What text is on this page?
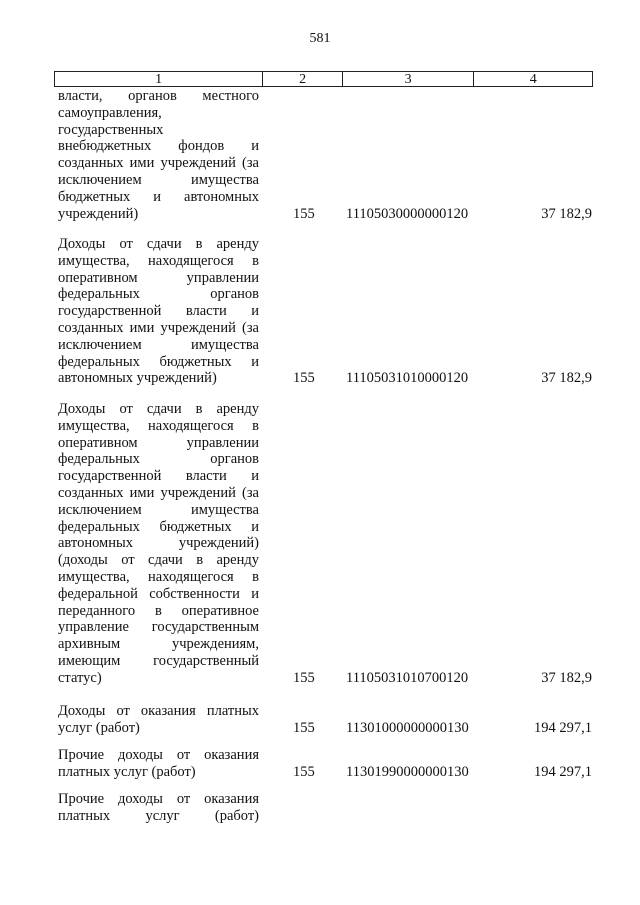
581
1	2	3	4
власти, органов местного
самоуправления,
государственных
внебюджетных фондов и
созданных ими учреждений (за
исключением имущества
бюджетных и автономных
учреждений)	155 11105030000000120	37 182,9
Доходы от сдачи в аренду
имущества, находящегося в
оперативном управлении
федеральных органов
государственной власти и
созданных ими учреждений (за
исключением имущества
федеральных бюджетных и
автономных учреждений)	155 11105031010000120	37 182,9
Доходы от сдачи в аренду
имущества, находящегося в
оперативном управлении
федеральных органов
государственной власти и
созданных ими учреждений (за
исключением имущества
федеральных бюджетных и
автономных учреждений)
(доходы от сдачи в аренду
имущества, находящегося в
федеральной собственности и
переданного в оперативное
управление государственным
архивным учреждениям,
имеющим государственный
статус)	155 11105031010700120	37 182,9
Доходы от оказания платных
услуг (работ)	155 11301000000000130	194 297,1
Прочие доходы от оказания
платных услуг (работ)	155 11301990000000130	194 297,1
Прочие доходы от оказания
платных услуг (работ)
